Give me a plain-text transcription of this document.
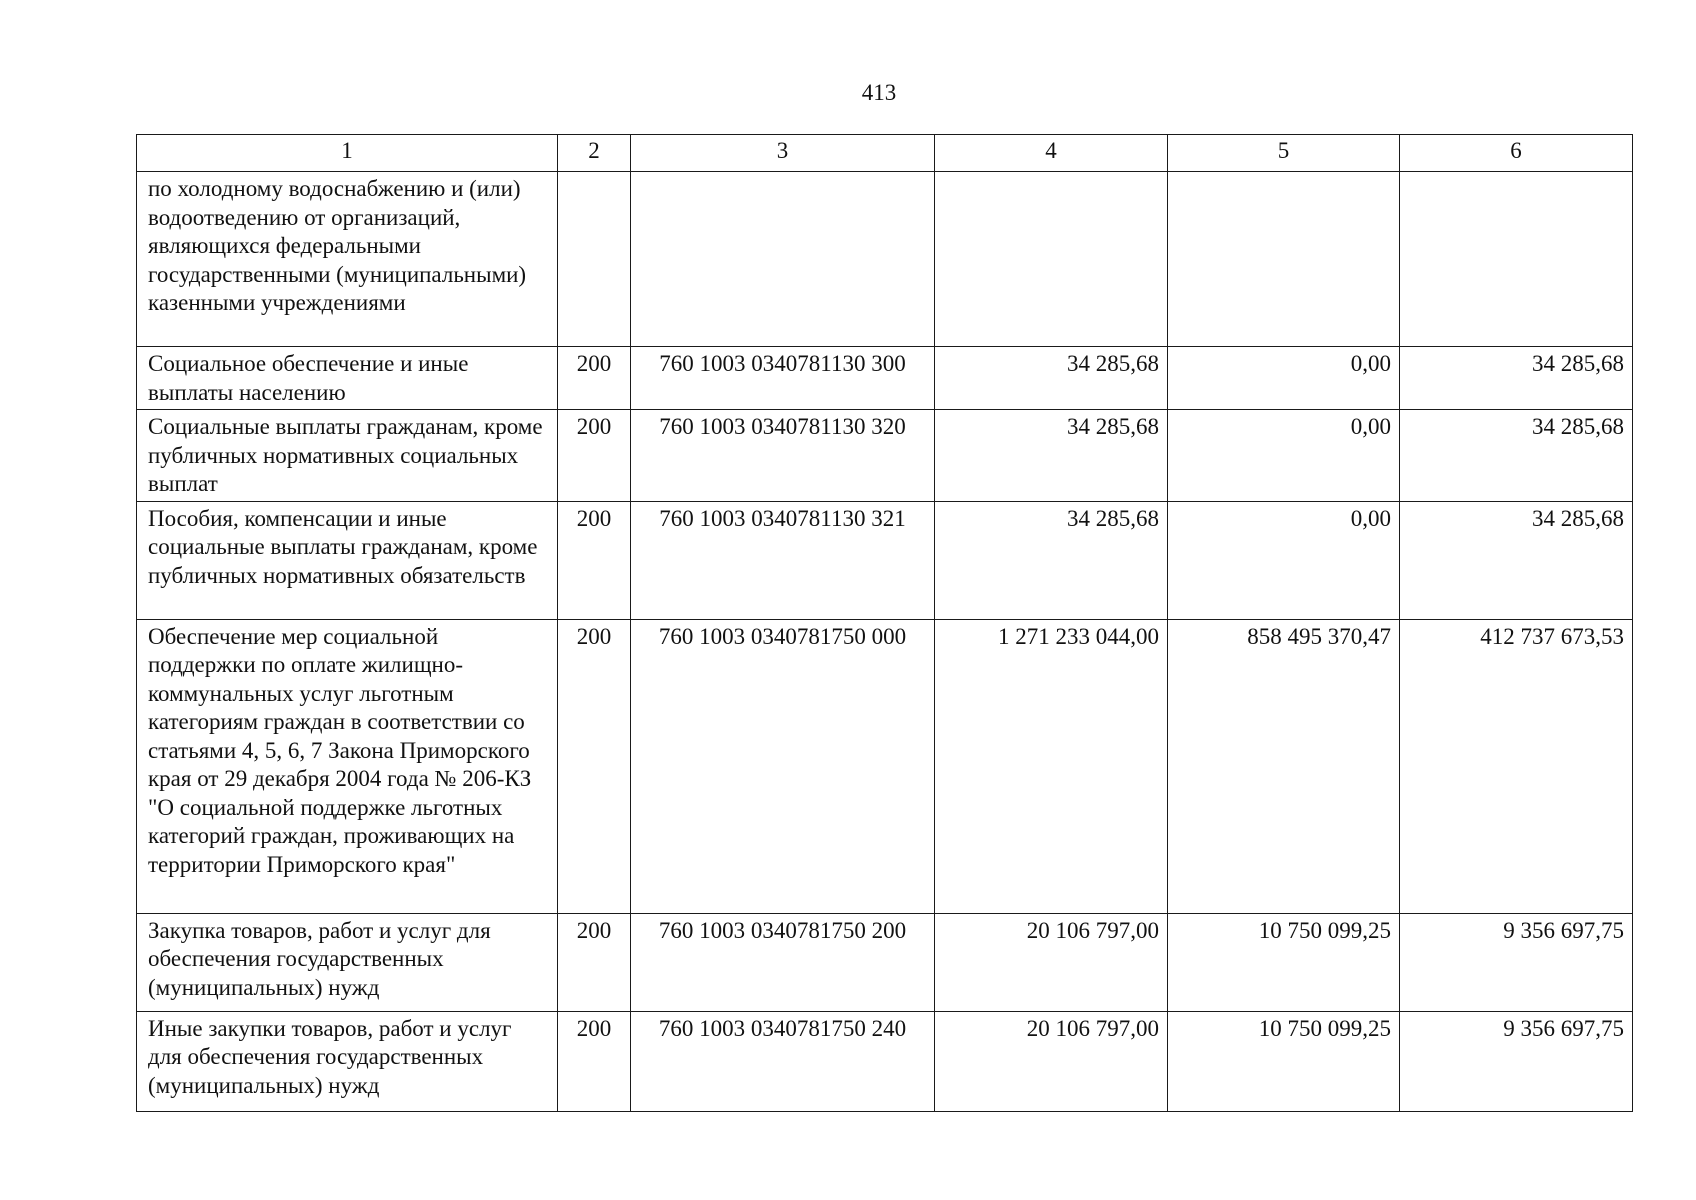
413
1	2	3	4	5	6
по холодному водоснабжению и (или) водоотведению от организаций, являющихся федеральными государственными (муниципальными) казенными учреждениями					
Социальное обеспечение и иные выплаты населению	200	760 1003 0340781130 300	34 285,68	0,00	34 285,68
Социальные выплаты гражданам, кроме публичных нормативных социальных выплат	200	760 1003 0340781130 320	34 285,68	0,00	34 285,68
Пособия, компенсации и иные социальные выплаты гражданам, кроме публичных нормативных обязательств	200	760 1003 0340781130 321	34 285,68	0,00	34 285,68
Обеспечение мер социальной поддержки по оплате жилищно-коммунальных услуг льготным категориям граждан в соответствии со статьями 4, 5, 6, 7 Закона Приморского края от 29 декабря 2004 года № 206-КЗ "О социальной поддержке льготных категорий граждан, проживающих на территории Приморского края"	200	760 1003 0340781750 000	1 271 233 044,00	858 495 370,47	412 737 673,53
Закупка товаров, работ и услуг для обеспечения государственных (муниципальных) нужд	200	760 1003 0340781750 200	20 106 797,00	10 750 099,25	9 356 697,75
Иные закупки товаров, работ и услуг для обеспечения государственных (муниципальных) нужд	200	760 1003 0340781750 240	20 106 797,00	10 750 099,25	9 356 697,75
